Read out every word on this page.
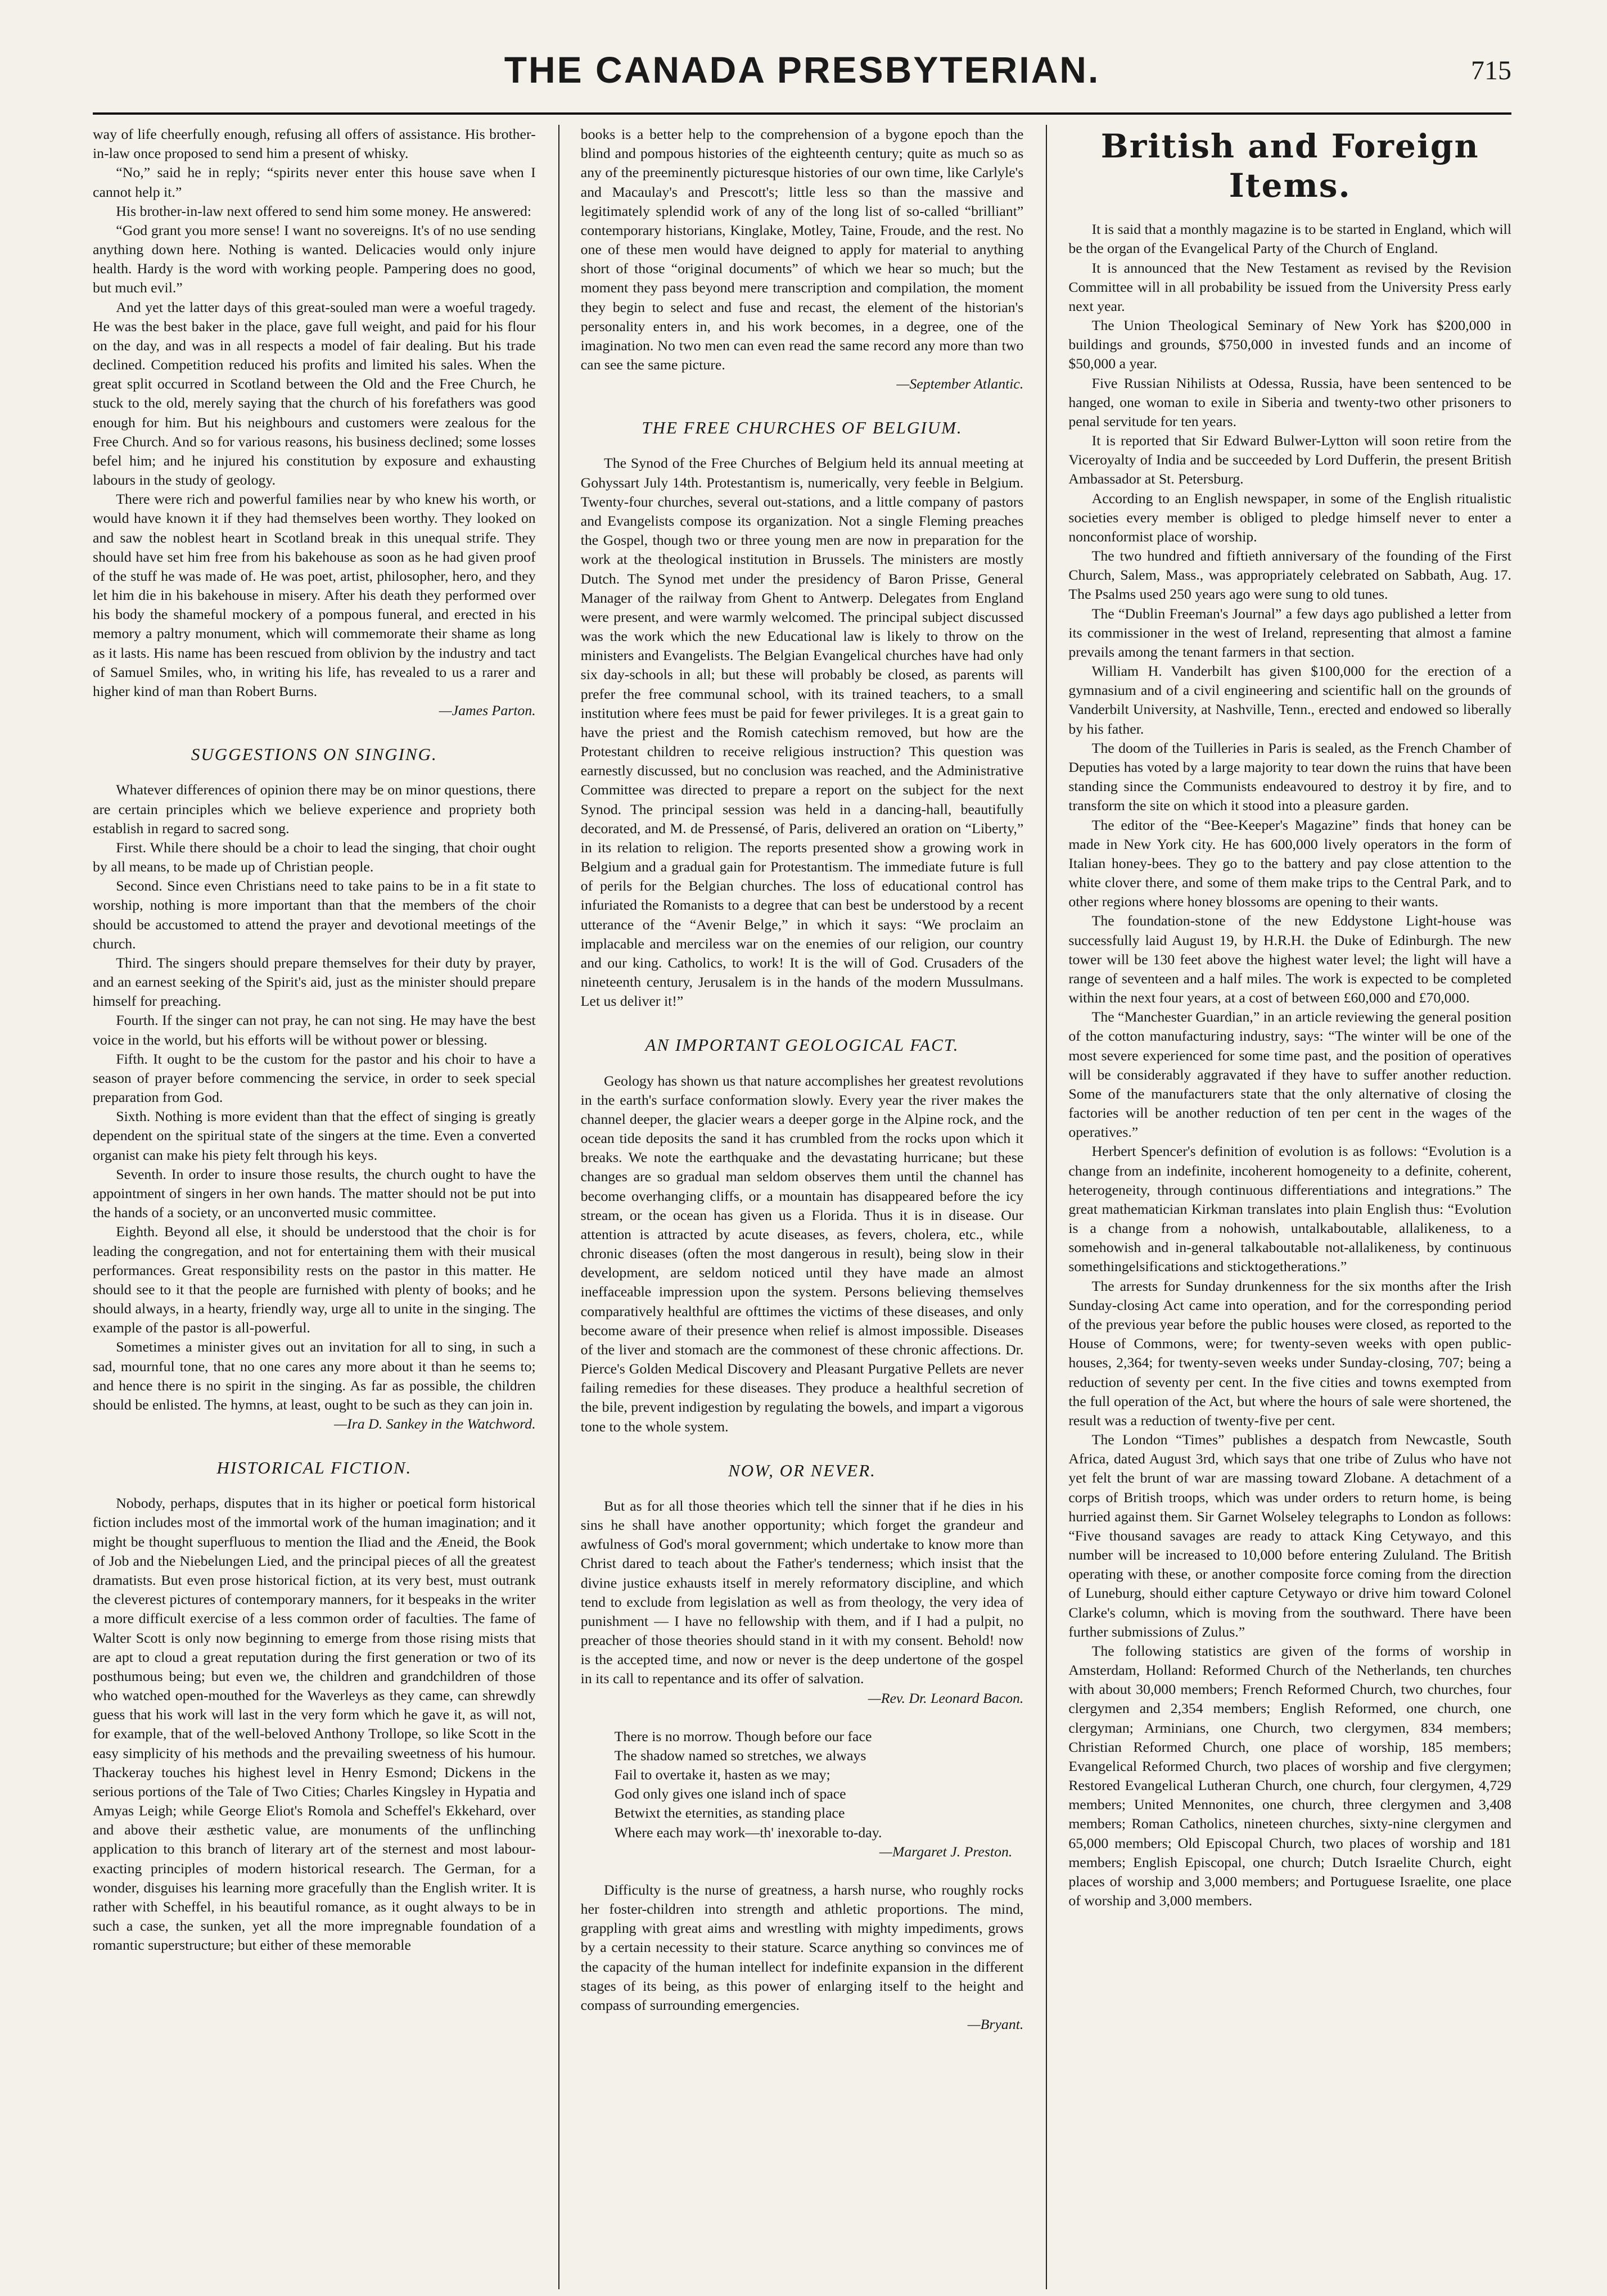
THE CANADA PRESBYTERIAN.	715

way of life cheerfully enough, refusing all offers of assistance. His brother-in-law once proposed to send him a present of whisky.

“No,” said he in reply; “spirits never enter this house save when I cannot help it.”

His brother-in-law next offered to send him some money. He answered:

“God grant you more sense! I want no sovereigns. It's of no use sending anything down here. Nothing is wanted. Delicacies would only injure health. Hardy is the word with working people. Pampering does no good, but much evil.”

And yet the latter days of this great-souled man were a woeful tragedy. He was the best baker in the place, gave full weight, and paid for his flour on the day, and was in all respects a model of fair dealing. But his trade declined. Competition reduced his profits and limited his sales. When the great split occurred in Scotland between the Old and the Free Church, he stuck to the old, merely saying that the church of his forefathers was good enough for him. But his neighbours and customers were zealous for the Free Church. And so for various reasons, his business declined; some losses befel him; and he injured his constitution by exposure and exhausting labours in the study of geology.

There were rich and powerful families near by who knew his worth, or would have known it if they had themselves been worthy. They looked on and saw the noblest heart in Scotland break in this unequal strife. They should have set him free from his bakehouse as soon as he had given proof of the stuff he was made of. He was poet, artist, philosopher, hero, and they let him die in his bakehouse in misery. After his death they performed over his body the shameful mockery of a pompous funeral, and erected in his memory a paltry monument, which will commemorate their shame as long as it lasts. His name has been rescued from oblivion by the industry and tact of Samuel Smiles, who, in writing his life, has revealed to us a rarer and higher kind of man than Robert Burns.

—James Parton.

SUGGESTIONS ON SINGING.

Whatever differences of opinion there may be on minor questions, there are certain principles which we believe experience and propriety both establish in regard to sacred song.

First. While there should be a choir to lead the singing, that choir ought by all means, to be made up of Christian people.

Second. Since even Christians need to take pains to be in a fit state to worship, nothing is more important than that the members of the choir should be accustomed to attend the prayer and devotional meetings of the church.

Third. The singers should prepare themselves for their duty by prayer, and an earnest seeking of the Spirit's aid, just as the minister should prepare himself for preaching.

Fourth. If the singer can not pray, he can not sing. He may have the best voice in the world, but his efforts will be without power or blessing.

Fifth. It ought to be the custom for the pastor and his choir to have a season of prayer before commencing the service, in order to seek special preparation from God.

Sixth. Nothing is more evident than that the effect of singing is greatly dependent on the spiritual state of the singers at the time. Even a converted organist can make his piety felt through his keys.

Seventh. In order to insure those results, the church ought to have the appointment of singers in her own hands. The matter should not be put into the hands of a society, or an unconverted music committee.

Eighth. Beyond all else, it should be understood that the choir is for leading the congregation, and not for entertaining them with their musical performances. Great responsibility rests on the pastor in this matter. He should see to it that the people are furnished with plenty of books; and he should always, in a hearty, friendly way, urge all to unite in the singing. The example of the pastor is all-powerful.

Sometimes a minister gives out an invitation for all to sing, in such a sad, mournful tone, that no one cares any more about it than he seems to; and hence there is no spirit in the singing. As far as possible, the children should be enlisted. The hymns, at least, ought to be such as they can join in.

—Ira D. Sankey in the Watchword.

HISTORICAL FICTION.

Nobody, perhaps, disputes that in its higher or poetical form historical fiction includes most of the immortal work of the human imagination; and it might be thought superfluous to mention the Iliad and the Æneid, the Book of Job and the Niebelungen Lied, and the principal pieces of all the greatest dramatists. But even prose historical fiction, at its very best, must outrank the cleverest pictures of contemporary manners, for it bespeaks in the writer a more difficult exercise of a less common order of faculties. The fame of Walter Scott is only now beginning to emerge from those rising mists that are apt to cloud a great reputation during the first generation or two of its posthumous being; but even we, the children and grandchildren of those who watched open-mouthed for the Waverleys as they came, can shrewdly guess that his work will last in the very form which he gave it, as will not, for example, that of the well-beloved Anthony Trollope, so like Scott in the easy simplicity of his methods and the prevailing sweetness of his humour. Thackeray touches his highest level in Henry Esmond; Dickens in the serious portions of the Tale of Two Cities; Charles Kingsley in Hypatia and Amyas Leigh; while George Eliot's Romola and Scheffel's Ekkehard, over and above their æsthetic value, are monuments of the unflinching application to this branch of literary art of the sternest and most labour-exacting principles of modern historical research. The German, for a wonder, disguises his learning more gracefully than the English writer. It is rather with Scheffel, in his beautiful romance, as it ought always to be in such a case, the sunken, yet all the more impregnable foundation of a romantic superstructure; but either of these memorable

books is a better help to the comprehension of a bygone epoch than the blind and pompous histories of the eighteenth century; quite as much so as any of the preeminently picturesque histories of our own time, like Carlyle's and Macaulay's and Prescott's; little less so than the massive and legitimately splendid work of any of the long list of so-called “brilliant” contemporary historians, Kinglake, Motley, Taine, Froude, and the rest. No one of these men would have deigned to apply for material to anything short of those “original documents” of which we hear so much; but the moment they pass beyond mere transcription and compilation, the moment they begin to select and fuse and recast, the element of the historian's personality enters in, and his work becomes, in a degree, one of the imagination. No two men can even read the same record any more than two can see the same picture.

—September Atlantic.

THE FREE CHURCHES OF BELGIUM.

The Synod of the Free Churches of Belgium held its annual meeting at Gohyssart July 14th. Protestantism is, numerically, very feeble in Belgium. Twenty-four churches, several out-stations, and a little company of pastors and Evangelists compose its organization. Not a single Fleming preaches the Gospel, though two or three young men are now in preparation for the work at the theological institution in Brussels. The ministers are mostly Dutch. The Synod met under the presidency of Baron Prisse, General Manager of the railway from Ghent to Antwerp. Delegates from England were present, and were warmly welcomed. The principal subject discussed was the work which the new Educational law is likely to throw on the ministers and Evangelists. The Belgian Evangelical churches have had only six day-schools in all; but these will probably be closed, as parents will prefer the free communal school, with its trained teachers, to a small institution where fees must be paid for fewer privileges. It is a great gain to have the priest and the Romish catechism removed, but how are the Protestant children to receive religious instruction? This question was earnestly discussed, but no conclusion was reached, and the Administrative Committee was directed to prepare a report on the subject for the next Synod. The principal session was held in a dancing-hall, beautifully decorated, and M. de Pressensé, of Paris, delivered an oration on “Liberty,” in its relation to religion. The reports presented show a growing work in Belgium and a gradual gain for Protestantism. The immediate future is full of perils for the Belgian churches. The loss of educational control has infuriated the Romanists to a degree that can best be understood by a recent utterance of the “Avenir Belge,” in which it says: “We proclaim an implacable and merciless war on the enemies of our religion, our country and our king. Catholics, to work! It is the will of God. Crusaders of the nineteenth century, Jerusalem is in the hands of the modern Mussulmans. Let us deliver it!”

AN IMPORTANT GEOLOGICAL FACT.

Geology has shown us that nature accomplishes her greatest revolutions in the earth's surface conformation slowly. Every year the river makes the channel deeper, the glacier wears a deeper gorge in the Alpine rock, and the ocean tide deposits the sand it has crumbled from the rocks upon which it breaks. We note the earthquake and the devastating hurricane; but these changes are so gradual man seldom observes them until the channel has become overhanging cliffs, or a mountain has disappeared before the icy stream, or the ocean has given us a Florida. Thus it is in disease. Our attention is attracted by acute diseases, as fevers, cholera, etc., while chronic diseases (often the most dangerous in result), being slow in their development, are seldom noticed until they have made an almost ineffaceable impression upon the system. Persons believing themselves comparatively healthful are ofttimes the victims of these diseases, and only become aware of their presence when relief is almost impossible. Diseases of the liver and stomach are the commonest of these chronic affections. Dr. Pierce's Golden Medical Discovery and Pleasant Purgative Pellets are never failing remedies for these diseases. They produce a healthful secretion of the bile, prevent indigestion by regulating the bowels, and impart a vigorous tone to the whole system.

NOW, OR NEVER.

But as for all those theories which tell the sinner that if he dies in his sins he shall have another opportunity; which forget the grandeur and awfulness of God's moral government; which undertake to know more than Christ dared to teach about the Father's tenderness; which insist that the divine justice exhausts itself in merely reformatory discipline, and which tend to exclude from legislation as well as from theology, the very idea of punishment — I have no fellowship with them, and if I had a pulpit, no preacher of those theories should stand in it with my consent. Behold! now is the accepted time, and now or never is the deep undertone of the gospel in its call to repentance and its offer of salvation.

—Rev. Dr. Leonard Bacon.

There is no morrow. Though before our face
The shadow named so stretches, we always
Fail to overtake it, hasten as we may;
God only gives one island inch of space
Betwixt the eternities, as standing place
Where each may work—th' inexorable to-day.

—Margaret J. Preston.

Difficulty is the nurse of greatness, a harsh nurse, who roughly rocks her foster-children into strength and athletic proportions. The mind, grappling with great aims and wrestling with mighty impediments, grows by a certain necessity to their stature. Scarce anything so convinces me of the capacity of the human intellect for indefinite expansion in the different stages of its being, as this power of enlarging itself to the height and compass of surrounding emergencies.

—Bryant.

British and Foreign Items.

It is said that a monthly magazine is to be started in England, which will be the organ of the Evangelical Party of the Church of England.

It is announced that the New Testament as revised by the Revision Committee will in all probability be issued from the University Press early next year.

The Union Theological Seminary of New York has $200,000 in buildings and grounds, $750,000 in invested funds and an income of $50,000 a year.

Five Russian Nihilists at Odessa, Russia, have been sentenced to be hanged, one woman to exile in Siberia and twenty-two other prisoners to penal servitude for ten years.

It is reported that Sir Edward Bulwer-Lytton will soon retire from the Viceroyalty of India and be succeeded by Lord Dufferin, the present British Ambassador at St. Petersburg.

According to an English newspaper, in some of the English ritualistic societies every member is obliged to pledge himself never to enter a nonconformist place of worship.

The two hundred and fiftieth anniversary of the founding of the First Church, Salem, Mass., was appropriately celebrated on Sabbath, Aug. 17. The Psalms used 250 years ago were sung to old tunes.

The “Dublin Freeman's Journal” a few days ago published a letter from its commissioner in the west of Ireland, representing that almost a famine prevails among the tenant farmers in that section.

William H. Vanderbilt has given $100,000 for the erection of a gymnasium and of a civil engineering and scientific hall on the grounds of Vanderbilt University, at Nashville, Tenn., erected and endowed so liberally by his father.

The doom of the Tuilleries in Paris is sealed, as the French Chamber of Deputies has voted by a large majority to tear down the ruins that have been standing since the Communists endeavoured to destroy it by fire, and to transform the site on which it stood into a pleasure garden.

The editor of the “Bee-Keeper's Magazine” finds that honey can be made in New York city. He has 600,000 lively operators in the form of Italian honey-bees. They go to the battery and pay close attention to the white clover there, and some of them make trips to the Central Park, and to other regions where honey blossoms are opening to their wants.

The foundation-stone of the new Eddystone Light-house was successfully laid August 19, by H.R.H. the Duke of Edinburgh. The new tower will be 130 feet above the highest water level; the light will have a range of seventeen and a half miles. The work is expected to be completed within the next four years, at a cost of between £60,000 and £70,000.

The “Manchester Guardian,” in an article reviewing the general position of the cotton manufacturing industry, says: “The winter will be one of the most severe experienced for some time past, and the position of operatives will be considerably aggravated if they have to suffer another reduction. Some of the manufacturers state that the only alternative of closing the factories will be another reduction of ten per cent in the wages of the operatives.”

Herbert Spencer's definition of evolution is as follows: “Evolution is a change from an indefinite, incoherent homogeneity to a definite, coherent, heterogeneity, through continuous differentiations and integrations.” The great mathematician Kirkman translates into plain English thus: “Evolution is a change from a nohowish, untalkaboutable, allalikeness, to a somehowish and in-general talkaboutable not-allalikeness, by continuous somethingelsifications and sticktogetherations.”

The arrests for Sunday drunkenness for the six months after the Irish Sunday-closing Act came into operation, and for the corresponding period of the previous year before the public houses were closed, as reported to the House of Commons, were; for twenty-seven weeks with open public-houses, 2,364; for twenty-seven weeks under Sunday-closing, 707; being a reduction of seventy per cent. In the five cities and towns exempted from the full operation of the Act, but where the hours of sale were shortened, the result was a reduction of twenty-five per cent.

The London “Times” publishes a despatch from Newcastle, South Africa, dated August 3rd, which says that one tribe of Zulus who have not yet felt the brunt of war are massing toward Zlobane. A detachment of a corps of British troops, which was under orders to return home, is being hurried against them. Sir Garnet Wolseley telegraphs to London as follows: “Five thousand savages are ready to attack King Cetywayo, and this number will be increased to 10,000 before entering Zululand. The British operating with these, or another composite force coming from the direction of Luneburg, should either capture Cetywayo or drive him toward Colonel Clarke's column, which is moving from the southward. There have been further submissions of Zulus.”

The following statistics are given of the forms of worship in Amsterdam, Holland: Reformed Church of the Netherlands, ten churches with about 30,000 members; French Reformed Church, two churches, four clergymen and 2,354 members; English Reformed, one church, one clergyman; Arminians, one Church, two clergymen, 834 members; Christian Reformed Church, one place of worship, 185 members; Evangelical Reformed Church, two places of worship and five clergymen; Restored Evangelical Lutheran Church, one church, four clergymen, 4,729 members; United Mennonites, one church, three clergymen and 3,408 members; Roman Catholics, nineteen churches, sixty-nine clergymen and 65,000 members; Old Episcopal Church, two places of worship and 181 members; English Episcopal, one church; Dutch Israelite Church, eight places of worship and 3,000 members; and Portuguese Israelite, one place of worship and 3,000 members.
